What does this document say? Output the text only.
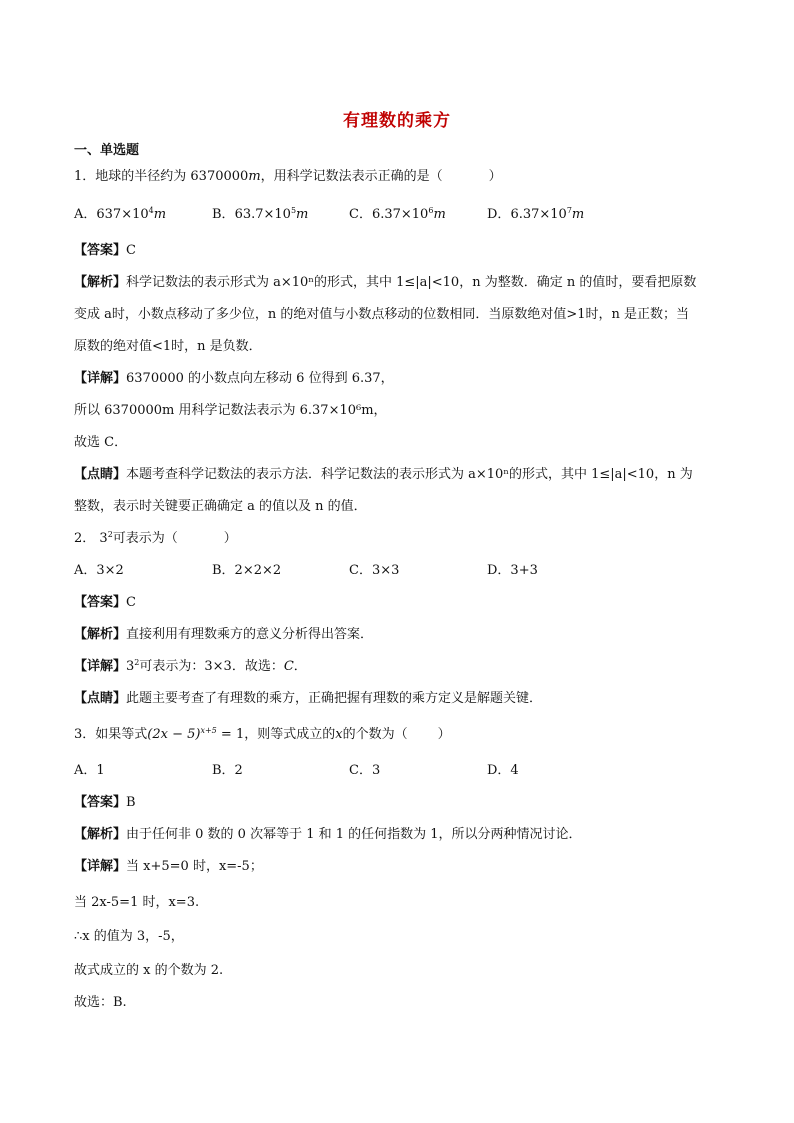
有理数的乘方
一、单选题
1．地球的半径约为 6370000m，用科学记数法表示正确的是（	）
A．$637\times 10^4m$	B．$63.7\times 10^5m$	C．$6.37\times 10^6m$	D．$6.37\times 10^7m$
【答案】C
【解析】科学记数法的表示形式为 a×10ⁿ的形式，其中 1≤|a|<10，n 为整数．确定 n 的值时，要看把原数
变成 a时，小数点移动了多少位，n 的绝对值与小数点移动的位数相同．当原数绝对值>1时，n 是正数；当
原数的绝对值<1时，n 是负数．
【详解】6370000 的小数点向左移动 6 位得到 6.37，
所以 6370000m 用科学记数法表示为 6.37×10⁶m，
故选 C．
【点睛】本题考查科学记数法的表示方法．科学记数法的表示形式为 a×10ⁿ的形式，其中 1≤|a|<10，n 为
整数，表示时关键要正确确定 a 的值以及 n 的值．
2． $3^2$可表示为（	）
A．3×2	B．2×2×2	C．3×3	D．3+3
【答案】C
【解析】直接利用有理数乘方的意义分析得出答案．
【详解】$3^2$可表示为：3×3．故选：C．
【点睛】此题主要考查了有理数的乘方，正确把握有理数的乘方定义是解题关键．
3．如果等式$(2x - 5)^{x+5} = 1$，则等式成立的x的个数为（ ）
A．1	B．2	C．3	D．4
【答案】B
【解析】由于任何非 0 数的 0 次幂等于 1 和 1 的任何指数为 1，所以分两种情况讨论．
【详解】当 x+5=0 时，x=-5；
当 2x-5=1 时，x=3.
∴x 的值为 3，-5，
故式成立的 x 的个数为 2.
故选：B.
